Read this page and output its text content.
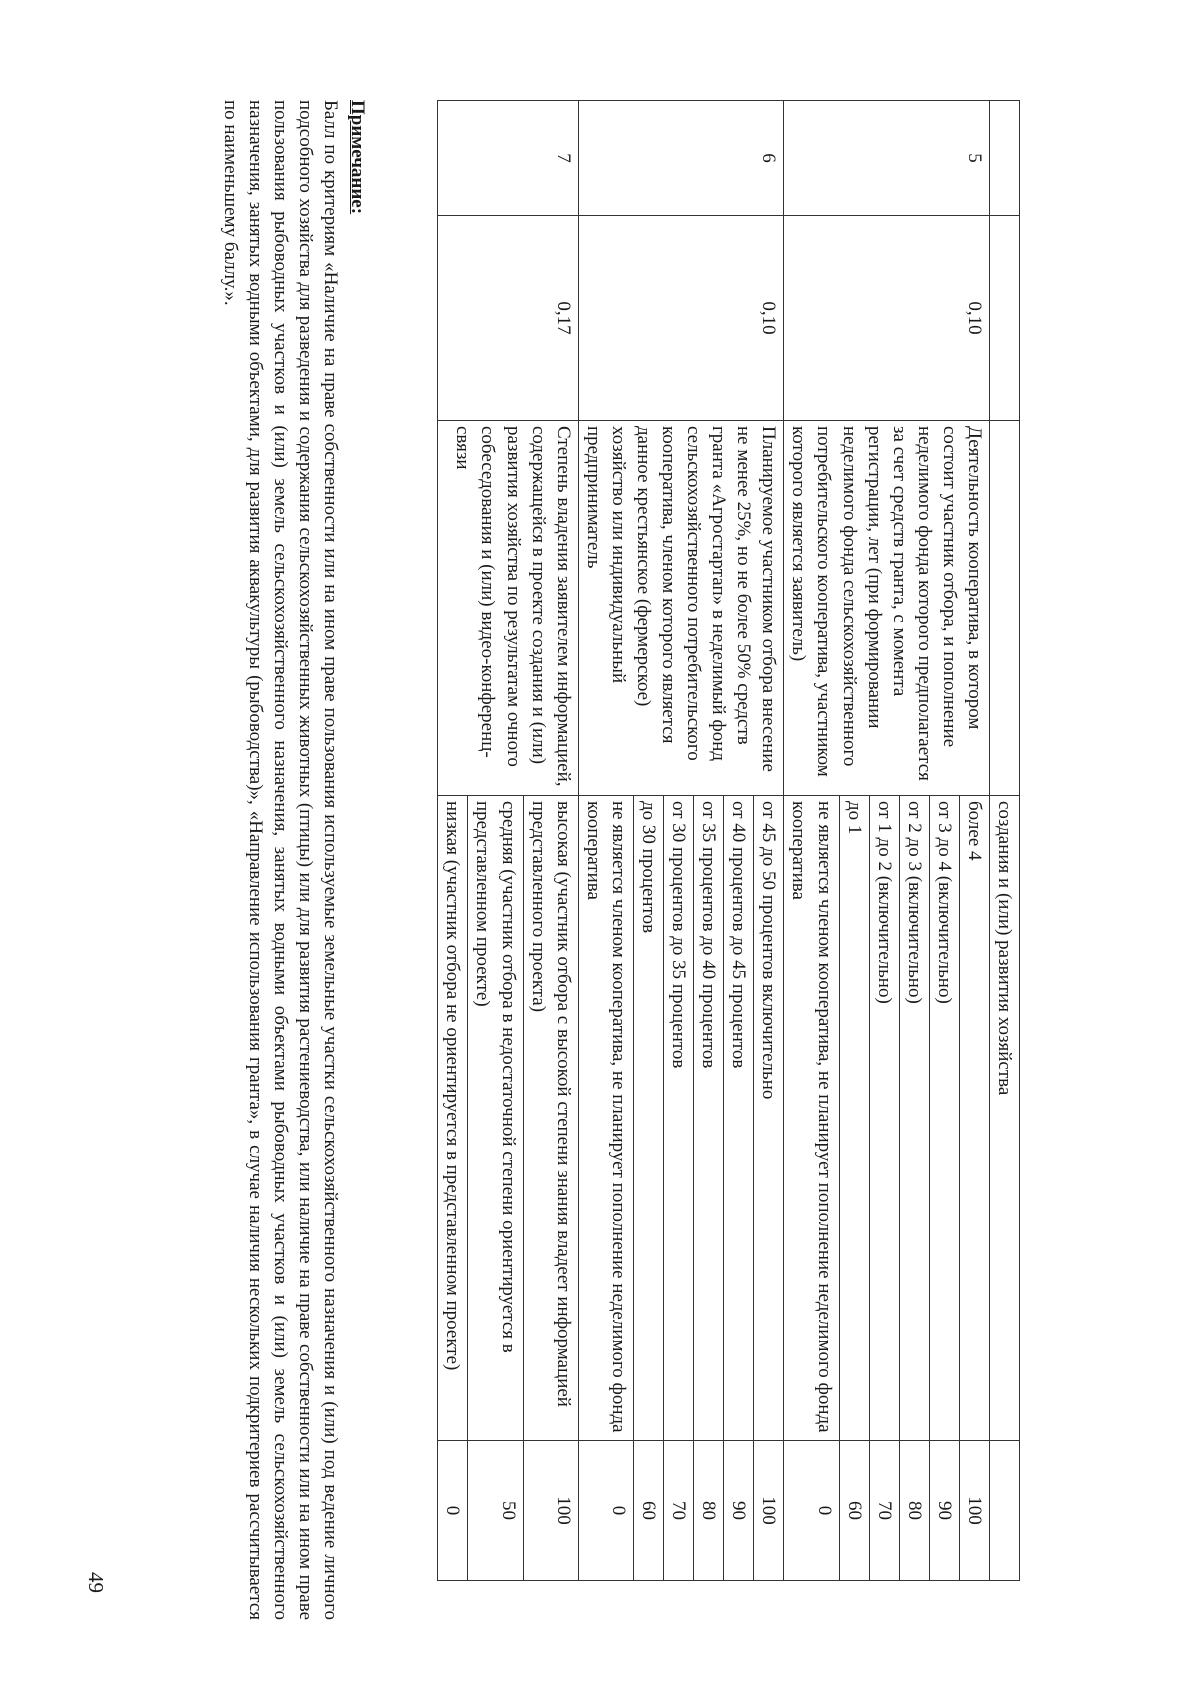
			создания и (или) развития хозяйства	
5	0,10	Деятельность кооператива, в котором состоит участник отбора, и пополнение неделимого фонда которого предполагается за счет средств гранта, с момента регистрации, лет (при формировании неделимого фонда сельскохозяйственного потребительского кооператива, участником которого является заявитель)	более 4	100
			от 3 до 4 (включительно)	90
			от 2 до 3 (включительно)	80
			от 1 до 2 (включительно)	70
			до 1	60
			не является членом кооператива, не планирует пополнение неделимого фонда кооператива	0
6	0,10	Планируемое участником отбора внесение не менее 25%, но не более 50% средств гранта «Агростартап» в неделимый фонд сельскохозяйственного потребительского кооператива, членом которого является данное крестьянское (фермерское) хозяйство или индивидуальный предприниматель	от 45 до 50 процентов включительно	100
			от 40 процентов до 45 процентов	90
			от 35 процентов до 40 процентов	80
			от 30 процентов до 35 процентов	70
			до 30 процентов	60
			не является членом кооператива, не планирует пополнение неделимого фонда кооператива	0
7	0,17	Степень владения заявителем информацией, содержащейся в проекте создания и (или) развития хозяйства по результатам очного собеседования и (или) видео-конференц-связи	высокая (участник отбора с высокой степени знания владеет информацией представленного проекта)	100
			средняя (участник отбора в недостаточной степени ориентируется в представленном проекте)	50
			низкая (участник отбора не ориентируется в представленном проекте)	0
Примечание:
Балл по критериям «Наличие на праве собственности или на ином праве пользования используемые земельные участки сельскохозяйственного назначения и (или) под ведение личного подсобного хозяйства для разведения и содержания сельскохозяйственных животных (птицы) или для развития растениеводства, или наличие на праве собственности или на ином праве пользования рыбоводных участков и (или) земель сельскохозяйственного назначения, занятых водными объектами рыбоводных участков и (или) земель сельскохозяйственного назначения, занятых водными объектами, для развития аквакультуры (рыбоводства)», «Направление использования гранта», в случае наличия нескольких подкритериев рассчитывается по наименьшему баллу.».
49
